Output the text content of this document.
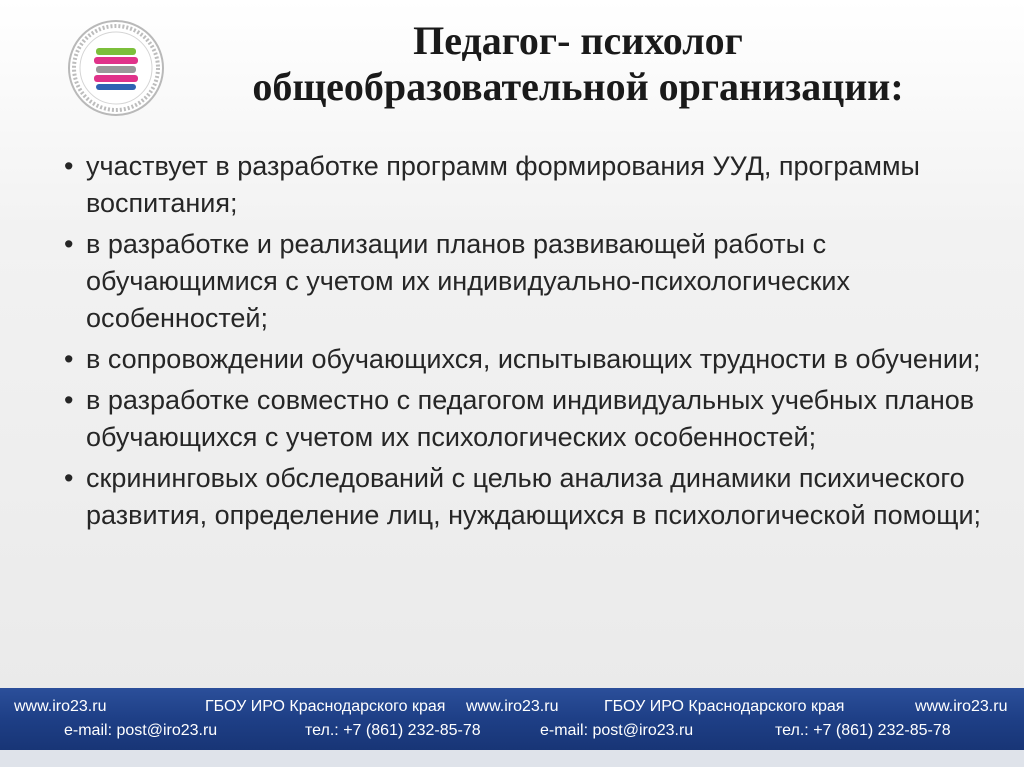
Педагог- психолог
общеобразовательной организации:
• участвует в разработке программ формирования УУД, программы воспитания;
• в разработке и реализации планов развивающей работы с обучающимися с учетом их индивидуально-психологических особенностей;
• в сопровождении обучающихся, испытывающих трудности в обучении;
• в разработке совместно с педагогом индивидуальных учебных планов обучающихся с учетом их психологических особенностей;
• скрининговых обследований с целью анализа динамики психического развития, определение лиц, нуждающихся в психологической помощи;
www.iro23.ru
e-mail: post@iro23.ru
ГБОУ ИРО Краснодарского края
тел.: +7 (861) 232-85-78
www.iro23.ru
e-mail: post@iro23.ru
ГБОУ ИРО Краснодарского края
тел.: +7 (861) 232-85-78
www.iro23.ru
